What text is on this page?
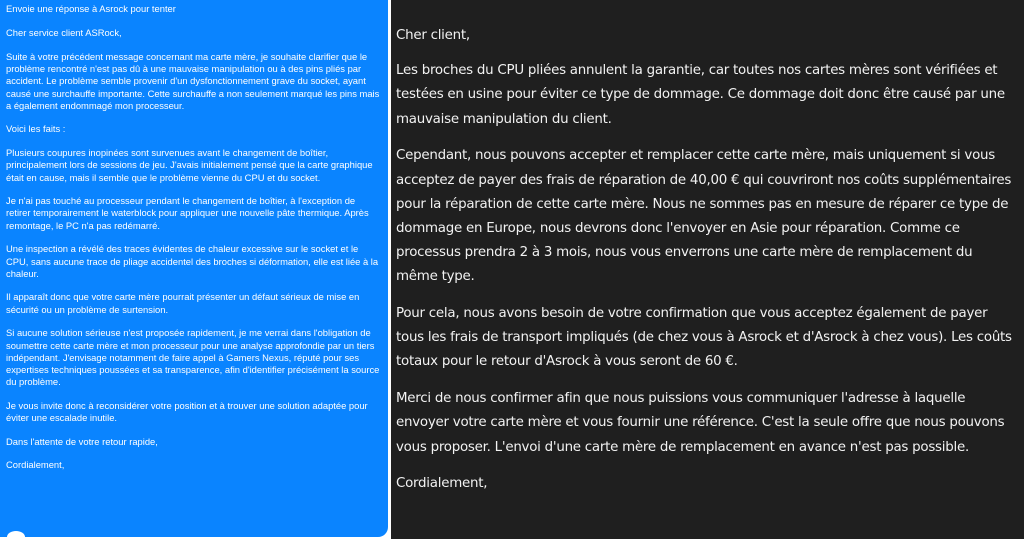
Envoie une réponse à Asrock pour tenter

Cher service client ASRock,

Suite à votre précédent message concernant ma carte mère, je souhaite clarifier que le problème rencontré n'est pas dû à une mauvaise manipulation ou à des pins pliés par accident. Le problème semble provenir d'un dysfonctionnement grave du socket, ayant causé une surchauffe importante. Cette surchauffe a non seulement marqué les pins mais a également endommagé mon processeur.

Voici les faits :

Plusieurs coupures inopinées sont survenues avant le changement de boîtier, principalement lors de sessions de jeu. J'avais initialement pensé que la carte graphique était en cause, mais il semble que le problème vienne du CPU et du socket.

Je n'ai pas touché au processeur pendant le changement de boîtier, à l'exception de retirer temporairement le waterblock pour appliquer une nouvelle pâte thermique. Après remontage, le PC n'a pas redémarré.

Une inspection a révélé des traces évidentes de chaleur excessive sur le socket et le CPU, sans aucune trace de pliage accidentel des broches si déformation, elle est liée à la chaleur.

Il apparaît donc que votre carte mère pourrait présenter un défaut sérieux de mise en sécurité ou un problème de surtension.

Si aucune solution sérieuse n'est proposée rapidement, je me verrai dans l'obligation de soumettre cette carte mère et mon processeur pour une analyse approfondie par un tiers indépendant. J'envisage notamment de faire appel à Gamers Nexus, réputé pour ses expertises techniques poussées et sa transparence, afin d'identifier précisément la source du problème.

Je vous invite donc à reconsidérer votre position et à trouver une solution adaptée pour éviter une escalade inutile.

Dans l'attente de votre retour rapide,

Cordialement,

Cher client,

Les broches du CPU pliées annulent la garantie, car toutes nos cartes mères sont vérifiées et testées en usine pour éviter ce type de dommage. Ce dommage doit donc être causé par une mauvaise manipulation du client.

Cependant, nous pouvons accepter et remplacer cette carte mère, mais uniquement si vous acceptez de payer des frais de réparation de 40,00 € qui couvriront nos coûts supplémentaires pour la réparation de cette carte mère. Nous ne sommes pas en mesure de réparer ce type de dommage en Europe, nous devrons donc l'envoyer en Asie pour réparation. Comme ce processus prendra 2 à 3 mois, nous vous enverrons une carte mère de remplacement du même type.

Pour cela, nous avons besoin de votre confirmation que vous acceptez également de payer tous les frais de transport impliqués (de chez vous à Asrock et d'Asrock à chez vous). Les coûts totaux pour le retour d'Asrock à vous seront de 60 €.

Merci de nous confirmer afin que nous puissions vous communiquer l'adresse à laquelle envoyer votre carte mère et vous fournir une référence. C'est la seule offre que nous pouvons vous proposer. L'envoi d'une carte mère de remplacement en avance n'est pas possible.

Cordialement,
